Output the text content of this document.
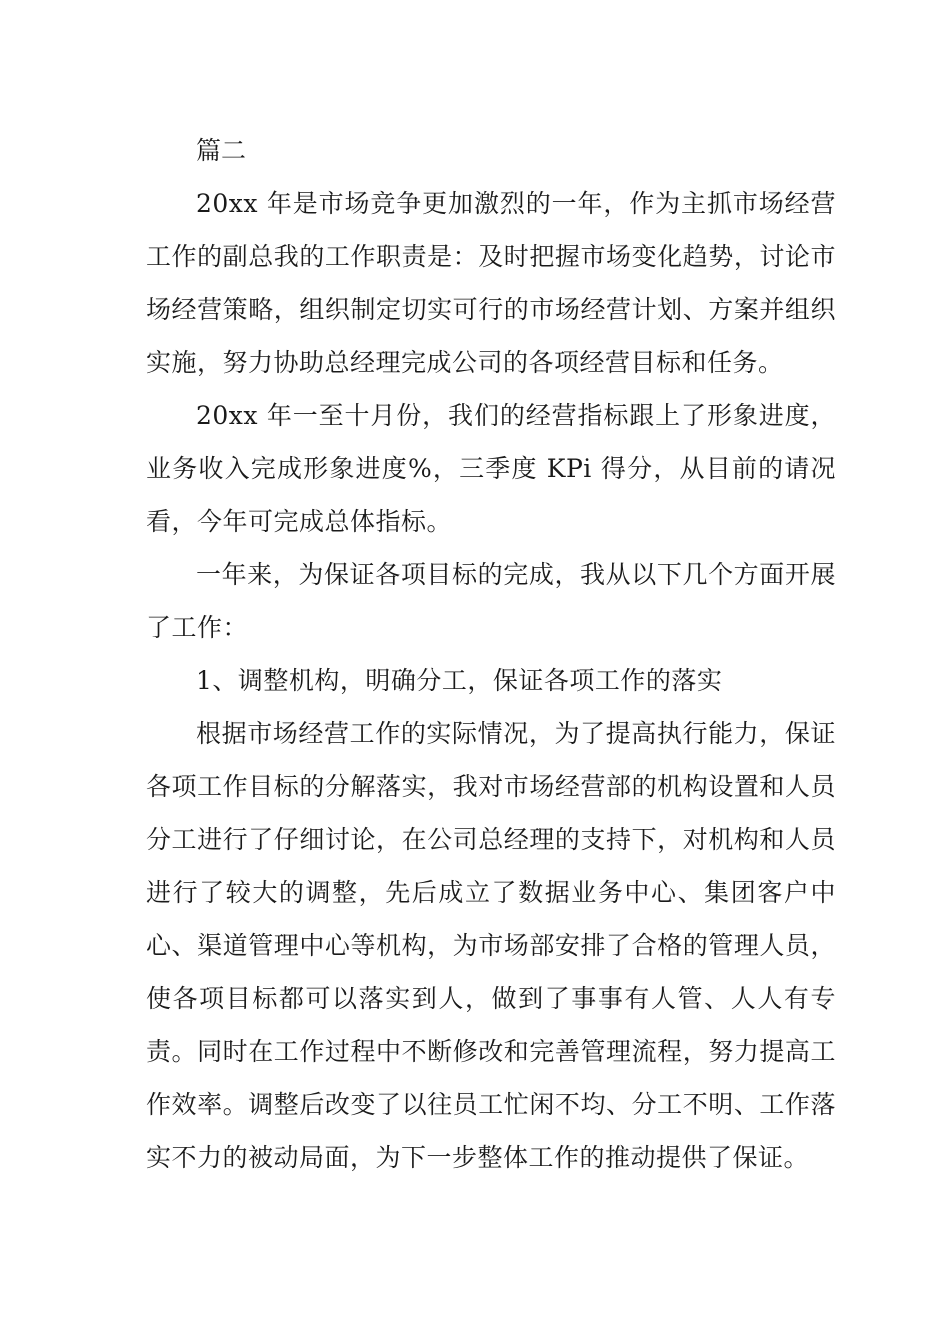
篇二

20xx 年是市场竞争更加激烈的一年，作为主抓市场经营工作的副总我的工作职责是：及时把握市场变化趋势，讨论市场经营策略，组织制定切实可行的市场经营计划、方案并组织实施，努力协助总经理完成公司的各项经营目标和任务。

20xx 年一至十月份，我们的经营指标跟上了形象进度，业务收入完成形象进度%，三季度 KPi 得分，从目前的请况看，今年可完成总体指标。

一年来，为保证各项目标的完成，我从以下几个方面开展了工作：

1、调整机构，明确分工，保证各项工作的落实

根据市场经营工作的实际情况，为了提高执行能力，保证各项工作目标的分解落实，我对市场经营部的机构设置和人员分工进行了仔细讨论，在公司总经理的支持下，对机构和人员进行了较大的调整，先后成立了数据业务中心、集团客户中心、渠道管理中心等机构，为市场部安排了合格的管理人员，使各项目标都可以落实到人，做到了事事有人管、人人有专责。同时在工作过程中不断修改和完善管理流程，努力提高工作效率。调整后改变了以往员工忙闲不均、分工不明、工作落实不力的被动局面，为下一步整体工作的推动提供了保证。
